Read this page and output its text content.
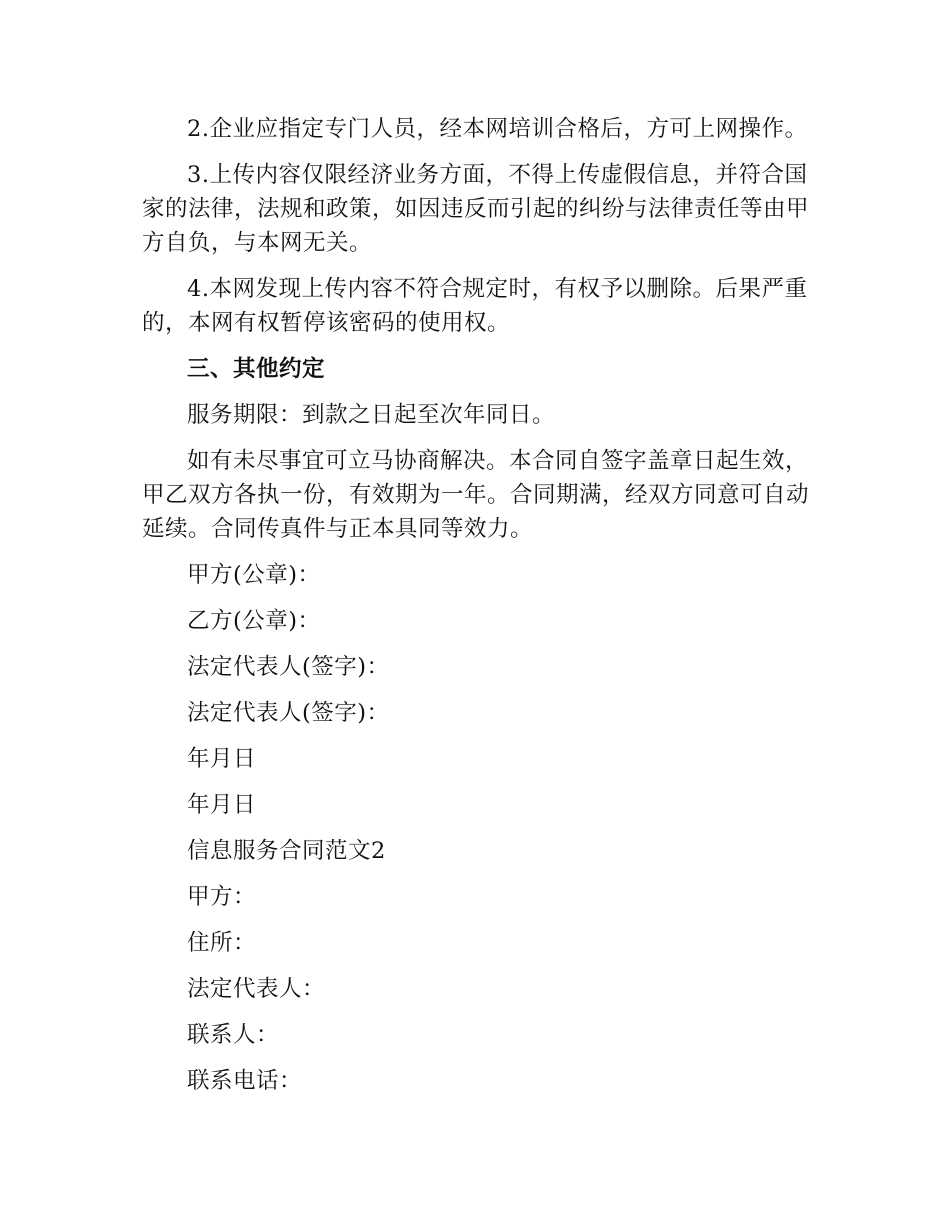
2.企业应指定专门人员，经本网培训合格后，方可上网操作。

3.上传内容仅限经济业务方面，不得上传虚假信息，并符合国家的法律，法规和政策，如因违反而引起的纠纷与法律责任等由甲方自负，与本网无关。

4.本网发现上传内容不符合规定时，有权予以删除。后果严重的，本网有权暂停该密码的使用权。

三、其他约定

服务期限：到款之日起至次年同日。

如有未尽事宜可立马协商解决。本合同自签字盖章日起生效，甲乙双方各执一份，有效期为一年。合同期满，经双方同意可自动延续。合同传真件与正本具同等效力。

甲方(公章)：

乙方(公章)：

法定代表人(签字)：

法定代表人(签字)：

年月日

年月日

信息服务合同范文2

甲方：

住所：

法定代表人：

联系人：

联系电话：
